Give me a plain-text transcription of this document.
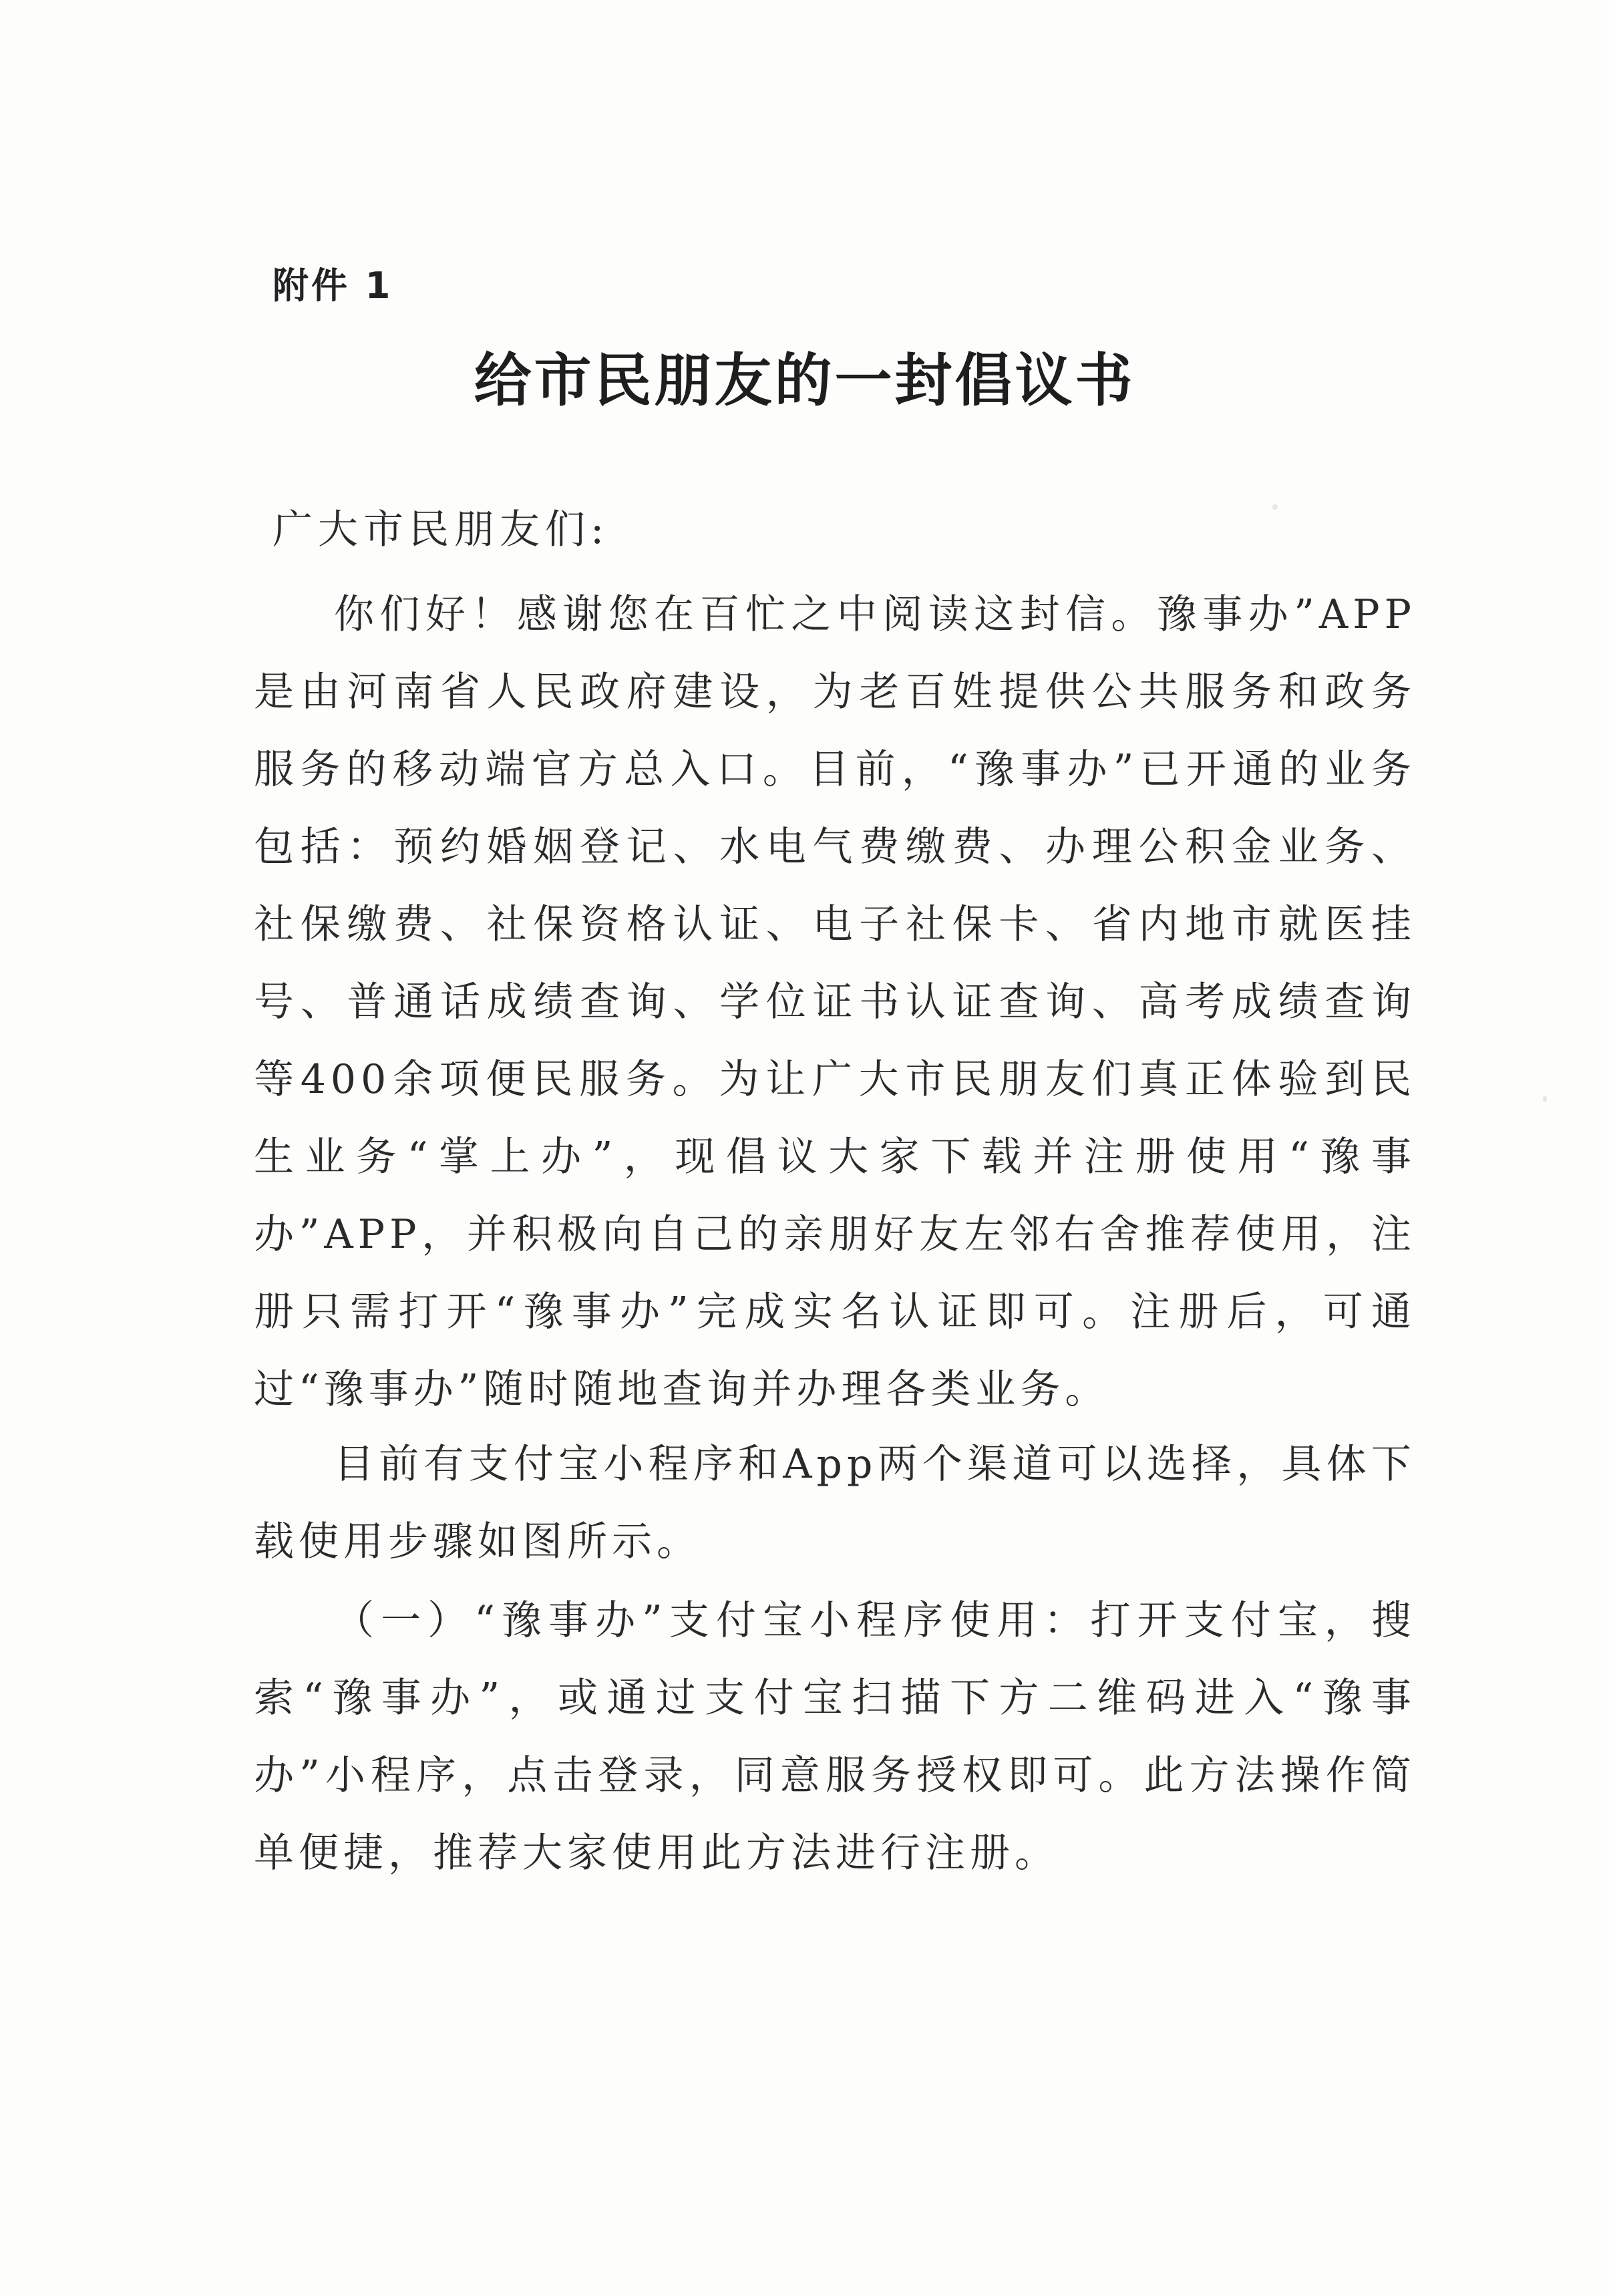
附件 1
给市民朋友的一封倡议书
广大市民朋友们:

你们好！感谢您在百忙之中阅读这封信。豫事办”APP是由河南省人民政府建设，为老百姓提供公共服务和政务服务的移动端官方总入口。目前，“豫事办”已开通的业务包括：预约婚姻登记、水电气费缴费、办理公积金业务、社保缴费、社保资格认证、电子社保卡、省内地市就医挂号、普通话成绩查询、学位证书认证查询、高考成绩查询等400余项便民服务。为让广大市民朋友们真正体验到民生业务“掌上办”，现倡议大家下载并注册使用“豫事办”APP，并积极向自己的亲朋好友左邻右舍推荐使用，注册只需打开“豫事办”完成实名认证即可。注册后，可通过“豫事办”随时随地查询并办理各类业务。

目前有支付宝小程序和App两个渠道可以选择，具体下载使用步骤如图所示。

（一）“豫事办”支付宝小程序使用：打开支付宝，搜索“豫事办”，或通过支付宝扫描下方二维码进入“豫事办”小程序，点击登录，同意服务授权即可。此方法操作简单便捷，推荐大家使用此方法进行注册。
